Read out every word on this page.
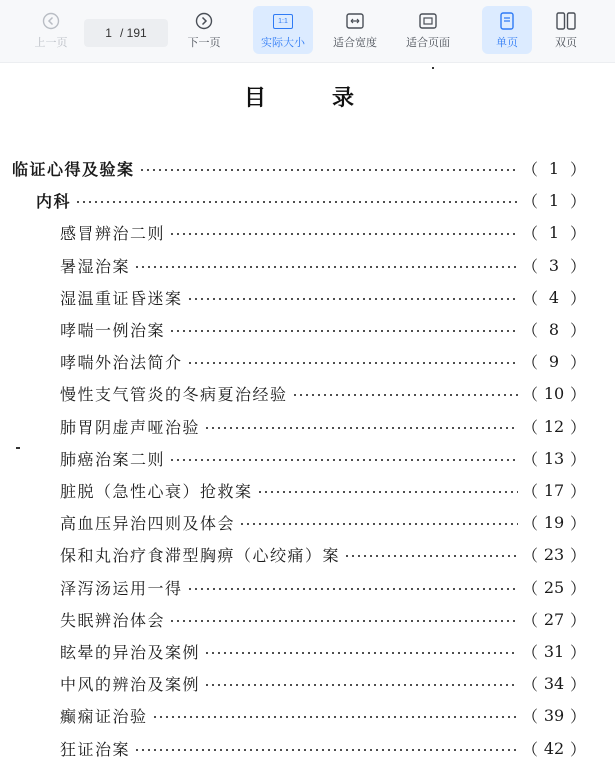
上一页
1 / 191
下一页
1:1
实际大小	适合宽度	适合页面	单页	双页
目	录
临证心得及验案	（ 1 ）
内科	（ 1 ）
感冒辨治二则	（ 1 ）
暑湿治案	（ 3 ）
湿温重证昏迷案	（ 4 ）
哮喘一例治案	（ 8 ）
哮喘外治法简介	（ 9 ）
慢性支气管炎的冬病夏治经验	（ 10 ）
肺胃阴虚声哑治验	（ 12 ）
肺癌治案二则	（ 13 ）
脏脱（急性心衰）抢救案	（ 17 ）
高血压异治四则及体会	（ 19 ）
保和丸治疗食滞型胸痹（心绞痛）案	（ 23 ）
泽泻汤运用一得	（ 25 ）
失眠辨治体会	（ 27 ）
眩晕的异治及案例	（ 31 ）
中风的辨治及案例	（ 34 ）
癫痫证治验	（ 39 ）
狂证治案	（ 42 ）
